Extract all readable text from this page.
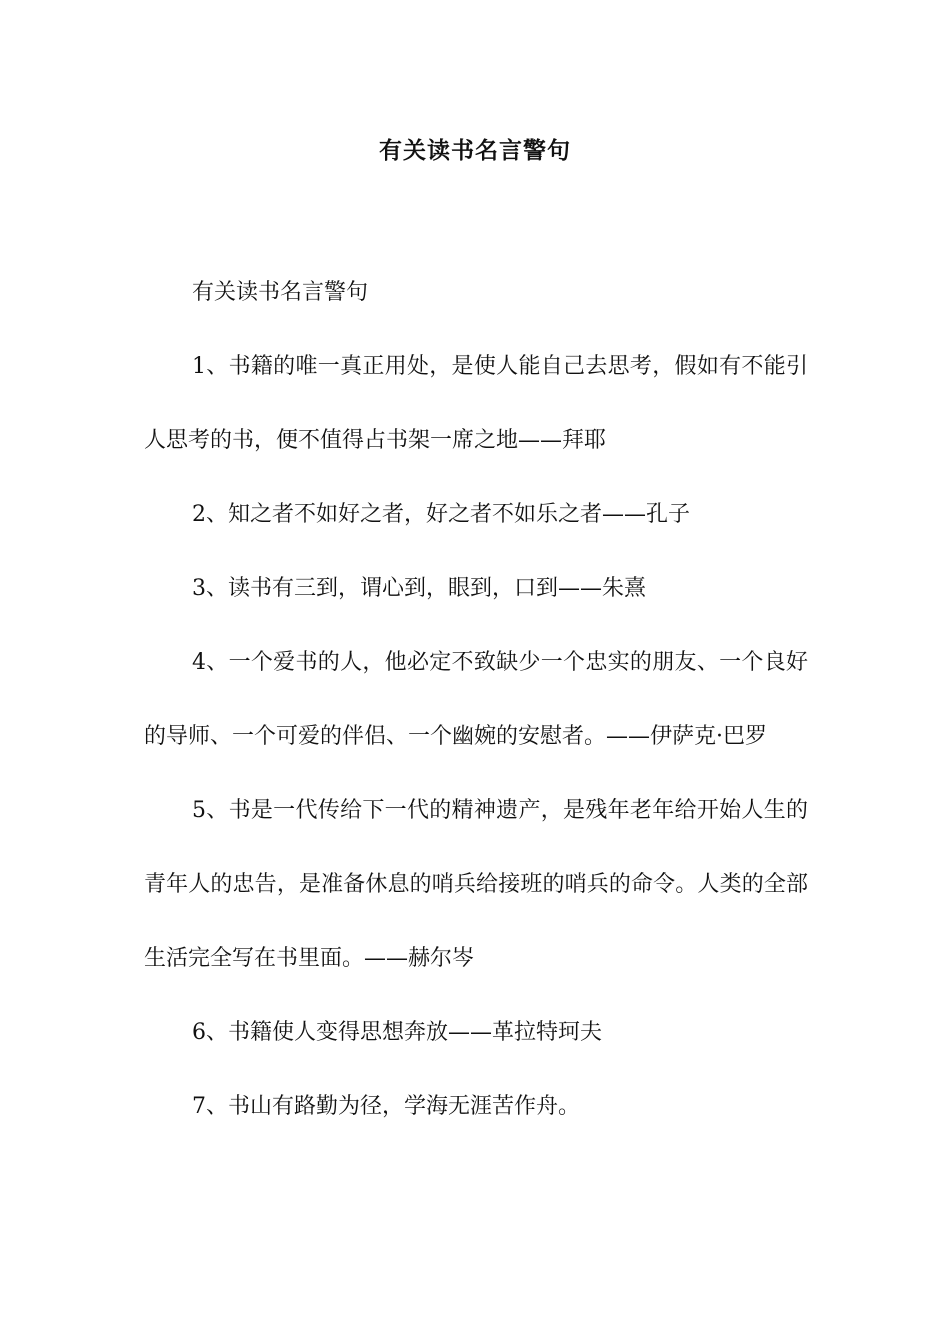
有关读书名言警句

有关读书名言警句

1、书籍的唯一真正用处，是使人能自己去思考，假如有不能引人思考的书，便不值得占书架一席之地——拜耶

2、知之者不如好之者，好之者不如乐之者——孔子

3、读书有三到，谓心到，眼到，口到——朱熹

4、一个爱书的人，他必定不致缺少一个忠实的朋友、一个良好的导师、一个可爱的伴侣、一个幽婉的安慰者。——伊萨克·巴罗

5、书是一代传给下一代的精神遗产，是残年老年给开始人生的青年人的忠告，是准备休息的哨兵给接班的哨兵的命令。人类的全部生活完全写在书里面。——赫尔岑

6、书籍使人变得思想奔放——革拉特珂夫

7、书山有路勤为径，学海无涯苦作舟。
